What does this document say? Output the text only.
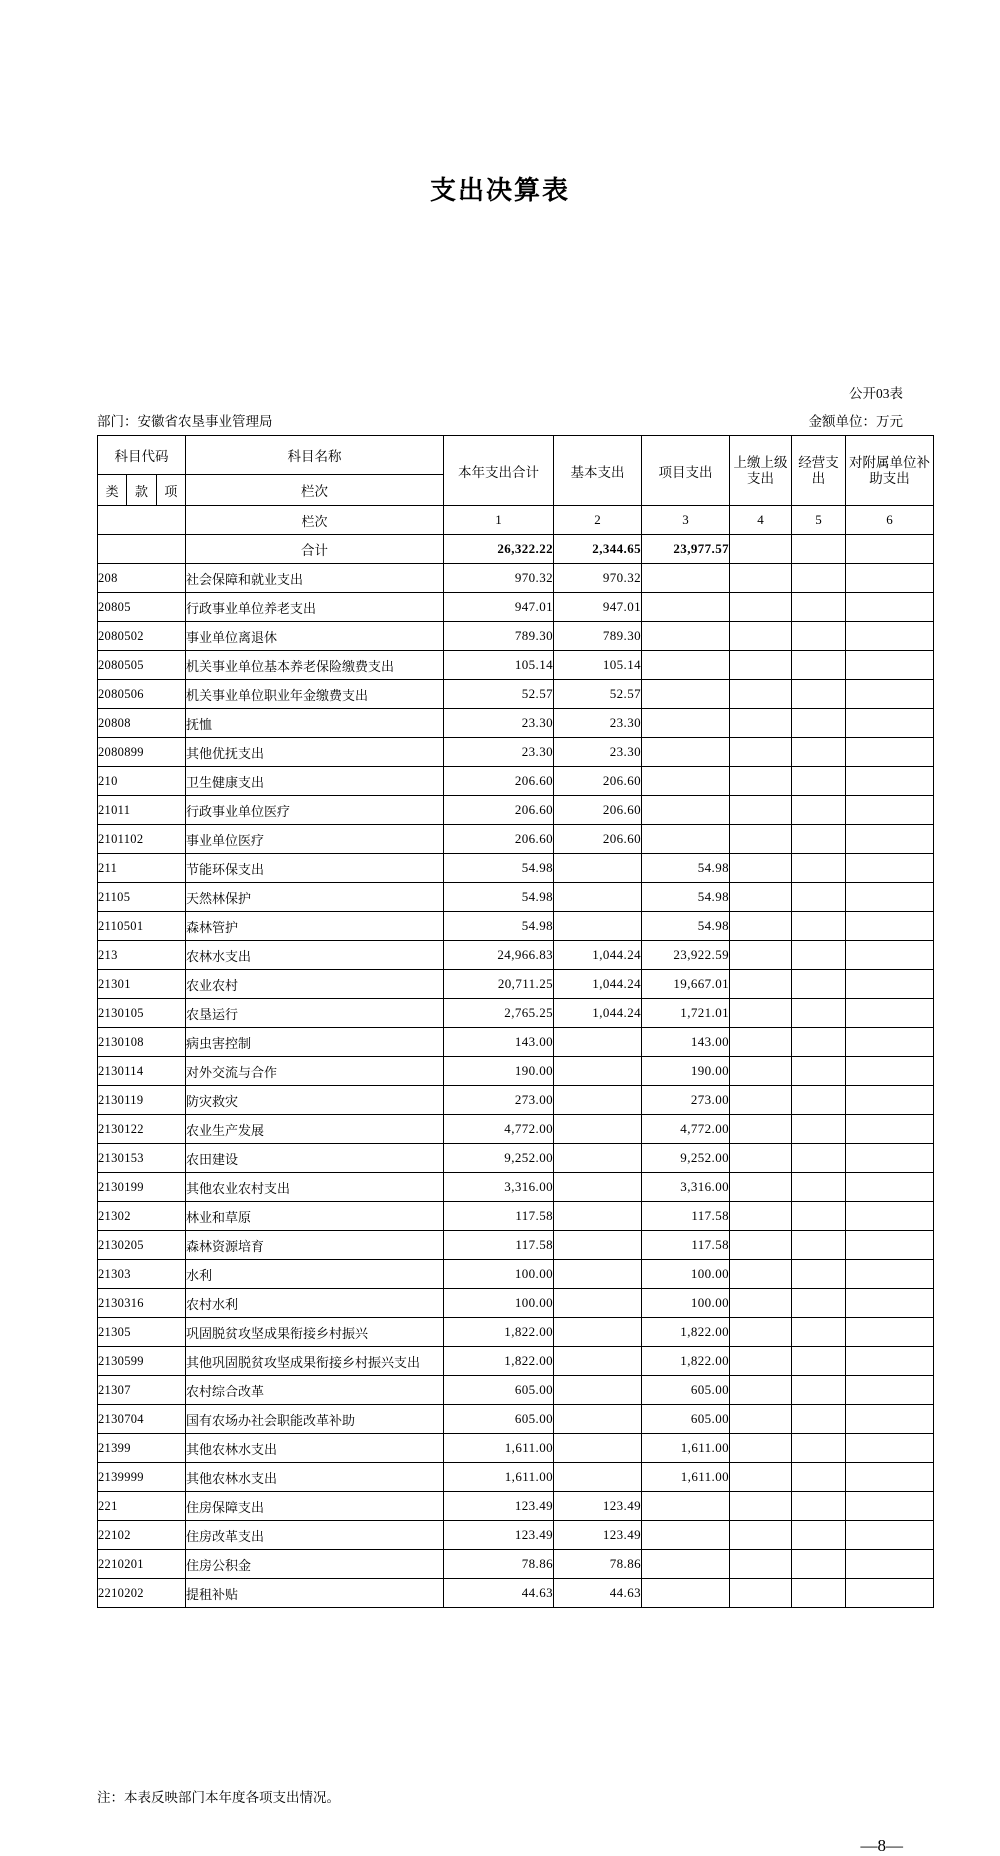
支出决算表
公开03表
部门：安徽省农垦事业管理局	金额单位：万元
科目代码	科目名称	本年支出合计	基本支出	项目支出	上缴上级支出	经营支出	对附属单位补助支出

类 款 项	栏次						
	栏次	1	2	3	4	5	6
	合计	26,322.22	2,344.65	23,977.57			
208	社会保障和就业支出	970.32	970.32				
20805	行政事业单位养老支出	947.01	947.01				
2080502	事业单位离退休	789.30	789.30				
2080505	机关事业单位基本养老保险缴费支出	105.14	105.14				
2080506	机关事业单位职业年金缴费支出	52.57	52.57				
20808	抚恤	23.30	23.30				
2080899	其他优抚支出	23.30	23.30				
210	卫生健康支出	206.60	206.60				
21011	行政事业单位医疗	206.60	206.60				
2101102	事业单位医疗	206.60	206.60				
211	节能环保支出	54.98		54.98			
21105	天然林保护	54.98		54.98			
2110501	森林管护	54.98		54.98			
213	农林水支出	24,966.83	1,044.24	23,922.59			
21301	农业农村	20,711.25	1,044.24	19,667.01			
2130105	农垦运行	2,765.25	1,044.24	1,721.01			
2130108	病虫害控制	143.00		143.00			
2130114	对外交流与合作	190.00		190.00			
2130119	防灾救灾	273.00		273.00			
2130122	农业生产发展	4,772.00		4,772.00			
2130153	农田建设	9,252.00		9,252.00			
2130199	其他农业农村支出	3,316.00		3,316.00			
21302	林业和草原	117.58		117.58			
2130205	森林资源培育	117.58		117.58			
21303	水利	100.00		100.00			
2130316	农村水利	100.00		100.00			
21305	巩固脱贫攻坚成果衔接乡村振兴	1,822.00		1,822.00			
2130599	其他巩固脱贫攻坚成果衔接乡村振兴支出	1,822.00		1,822.00			
21307	农村综合改革	605.00		605.00			
2130704	国有农场办社会职能改革补助	605.00		605.00			
21399	其他农林水支出	1,611.00		1,611.00			
2139999	其他农林水支出	1,611.00		1,611.00			
221	住房保障支出	123.49	123.49				
22102	住房改革支出	123.49	123.49				
2210201	住房公积金	78.86	78.86				
2210202	提租补贴	44.63	44.63				
注：本表反映部门本年度各项支出情况。
—8—
